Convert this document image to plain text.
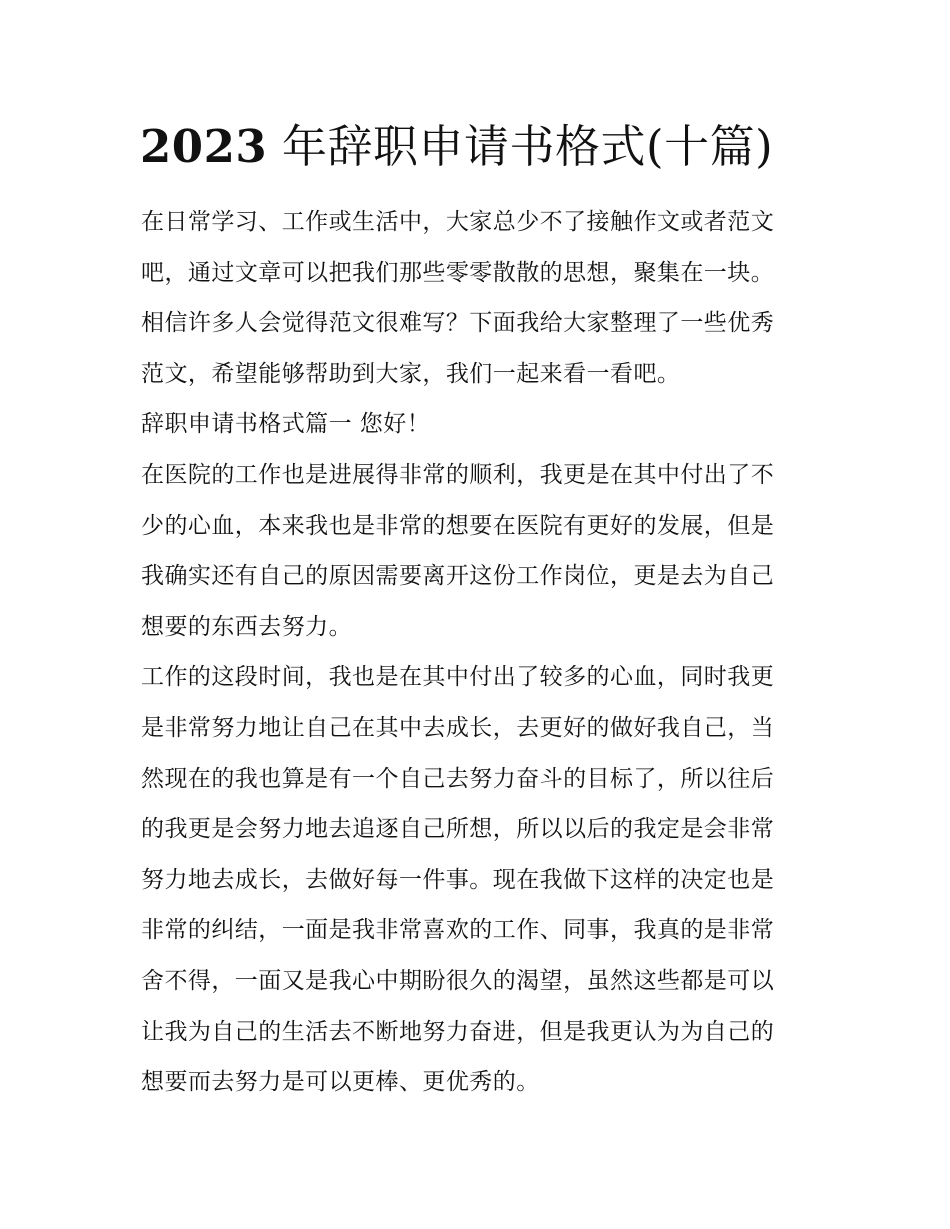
2023 年辞职申请书格式(十篇)
在日常学习、工作或生活中，大家总少不了接触作文或者范文
吧，通过文章可以把我们那些零零散散的思想，聚集在一块。
相信许多人会觉得范文很难写？下面我给大家整理了一些优秀
范文，希望能够帮助到大家，我们一起来看一看吧。
辞职申请书格式篇一 您好！
在医院的工作也是进展得非常的顺利，我更是在其中付出了不
少的心血，本来我也是非常的想要在医院有更好的发展，但是
我确实还有自己的原因需要离开这份工作岗位，更是去为自己
想要的东西去努力。
工作的这段时间，我也是在其中付出了较多的心血，同时我更
是非常努力地让自己在其中去成长，去更好的做好我自己，当
然现在的我也算是有一个自己去努力奋斗的目标了，所以往后
的我更是会努力地去追逐自己所想，所以以后的我定是会非常
努力地去成长，去做好每一件事。现在我做下这样的决定也是
非常的纠结，一面是我非常喜欢的工作、同事，我真的是非常
舍不得，一面又是我心中期盼很久的渴望，虽然这些都是可以
让我为自己的生活去不断地努力奋进，但是我更认为为自己的
想要而去努力是可以更棒、更优秀的。
